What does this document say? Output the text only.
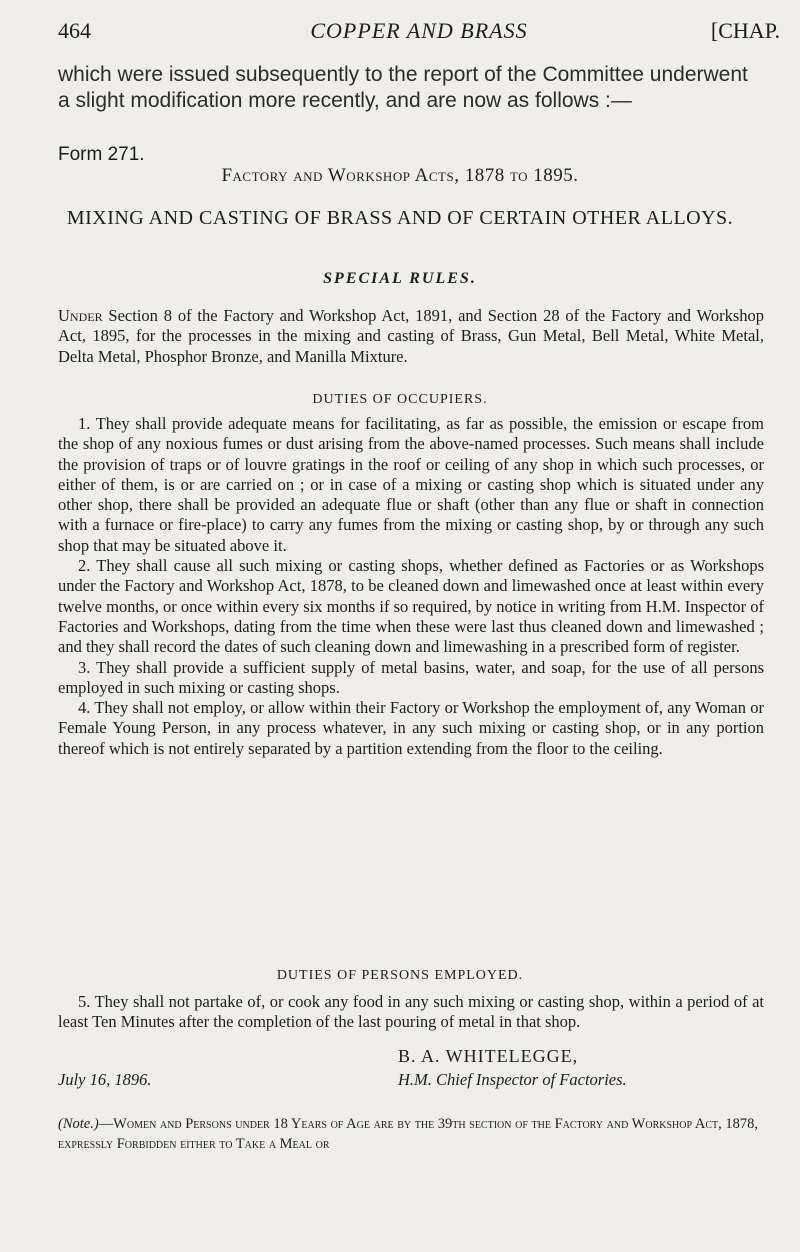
464	COPPER AND BRASS	[CHAP.
which were issued subsequently to the report of the Committee underwent a slight modification more recently, and are now as follows :—
Form 271.
Factory and Workshop Acts, 1878 to 1895.
MIXING AND CASTING OF BRASS AND OF CERTAIN OTHER ALLOYS.
SPECIAL RULES.

Under Section 8 of the Factory and Workshop Act, 1891, and Section 28 of the Factory and Workshop Act, 1895, for the processes in the mixing and casting of Brass, Gun Metal, Bell Metal, White Metal, Delta Metal, Phosphor Bronze, and Manilla Mixture.

DUTIES OF OCCUPIERS.

1. They shall provide adequate means for facilitating, as far as possible, the emission or escape from the shop of any noxious fumes or dust arising from the above-named processes. Such means shall include the provision of traps or of louvre gratings in the roof or ceiling of any shop in which such processes, or either of them, is or are carried on ; or in case of a mixing or casting shop which is situated under any other shop, there shall be provided an adequate flue or shaft (other than any flue or shaft in connection with a furnace or fire-place) to carry any fumes from the mixing or casting shop, by or through any such shop that may be situated above it.

2. They shall cause all such mixing or casting shops, whether defined as Factories or as Workshops under the Factory and Workshop Act, 1878, to be cleaned down and limewashed once at least within every twelve months, or once within every six months if so required, by notice in writing from H.M. Inspector of Factories and Workshops, dating from the time when these were last thus cleaned down and limewashed ; and they shall record the dates of such cleaning down and limewashing in a prescribed form of register.

3. They shall provide a sufficient supply of metal basins, water, and soap, for the use of all persons employed in such mixing or casting shops.

4. They shall not employ, or allow within their Factory or Workshop the employment of, any Woman or Female Young Person, in any process whatever, in any such mixing or casting shop, or in any portion thereof which is not entirely separated by a partition extending from the floor to the ceiling.

DUTIES OF PERSONS EMPLOYED.

5. They shall not partake of, or cook any food in any such mixing or casting shop, within a period of at least Ten Minutes after the completion of the last pouring of metal in that shop.

July 16, 1896.
B. A. WHITELEGGE,
H.M. Chief Inspector of Factories.
(Note.)—Women and Persons under 18 Years of Age are by the 39th section of the Factory and Workshop Act, 1878, expressly Forbidden either to Take a Meal or
